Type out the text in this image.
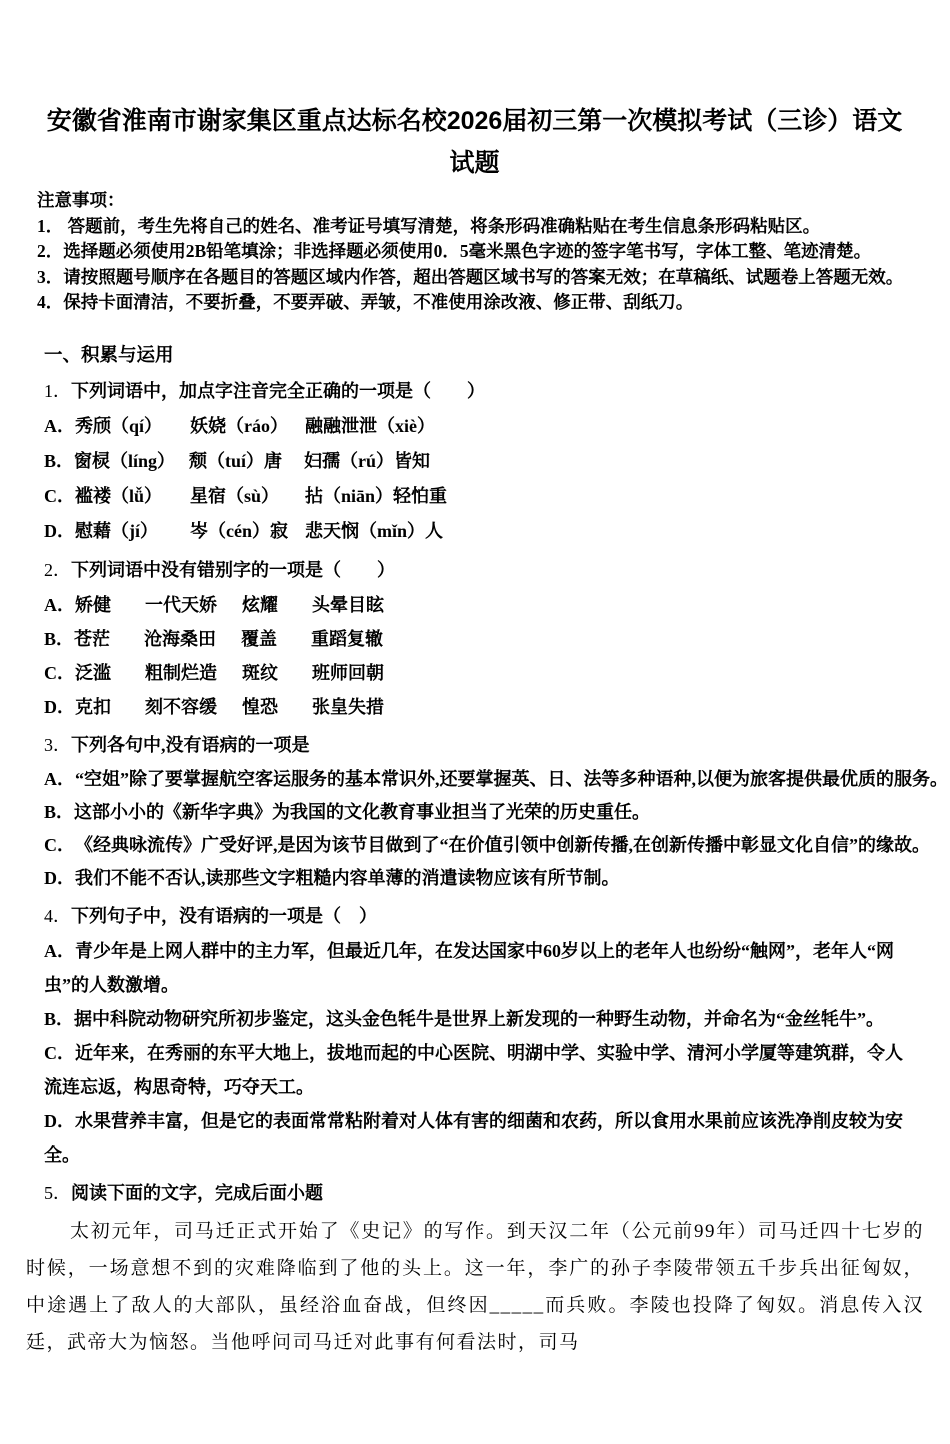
安徽省淮南市谢家集区重点达标名校2026届初三第一次模拟考试（三诊）语文试题
注意事项：
1． 答题前，考生先将自己的姓名、准考证号填写清楚，将条形码准确粘贴在考生信息条形码粘贴区。
2．选择题必须使用2B铅笔填涂；非选择题必须使用0．5毫米黑色字迹的签字笔书写，字体工整、笔迹清楚。
3．请按照题号顺序在各题目的答题区域内作答，超出答题区域书写的答案无效；在草稿纸、试题卷上答题无效。
4．保持卡面清洁，不要折叠，不要弄破、弄皱，不准使用涂改液、修正带、刮纸刀。
一、积累与运用
1．下列词语中，加点字注音完全正确的一项是（　　）
A．秀颀（qí） 妖娆（ráo） 融融泄泄（xiè）
B．窗棂（líng） 颓（tuí）唐 妇孺（rú）皆知
C．褴褛（lǚ） 星宿（sù） 拈（niān）轻怕重
D．慰藉（jí） 岑（cén）寂 悲天悯（mǐn）人
2．下列词语中没有错别字的一项是（　　）
A．矫健 一代天娇 炫耀 头晕目眩
B．苍茫 沧海桑田 覆盖 重蹈复辙
C．泛滥 粗制烂造 斑纹 班师回朝
D．克扣 刻不容缓 惶恐 张皇失措
3．下列各句中,没有语病的一项是
A．“空姐”除了要掌握航空客运服务的基本常识外,还要掌握英、日、法等多种语种,以便为旅客提供最优质的服务。
B．这部小小的《新华字典》为我国的文化教育事业担当了光荣的历史重任。
C．《经典咏流传》广受好评,是因为该节目做到了“在价值引领中创新传播,在创新传播中彰显文化自信”的缘故。
D．我们不能不否认,读那些文字粗糙内容单薄的消遣读物应该有所节制。
4．下列句子中，没有语病的一项是（　）
A．青少年是上网人群中的主力军，但最近几年，在发达国家中60岁以上的老年人也纷纷“触网”，老年人“网虫”的人数激增。
B．据中科院动物研究所初步鉴定，这头金色牦牛是世界上新发现的一种野生动物，并命名为“金丝牦牛”。
C．近年来，在秀丽的东平大地上，拔地而起的中心医院、明湖中学、实验中学、清河小学厦等建筑群，令人流连忘返，构思奇特，巧夺天工。
D．水果营养丰富，但是它的表面常常粘附着对人体有害的细菌和农药，所以食用水果前应该洗净削皮较为安全。
5．阅读下面的文字，完成后面小题
太初元年，司马迁正式开始了《史记》的写作。到天汉二年（公元前99年）司马迁四十七岁的时候，一场意想不到的灾难降临到了他的头上。这一年，李广的孙子李陵带领五千步兵出征匈奴，中途遇上了敌人的大部队，虽经浴血奋战，但终因_____而兵败。李陵也投降了匈奴。消息传入汉廷，武帝大为恼怒。当他呼问司马迁对此事有何看法时，司马
